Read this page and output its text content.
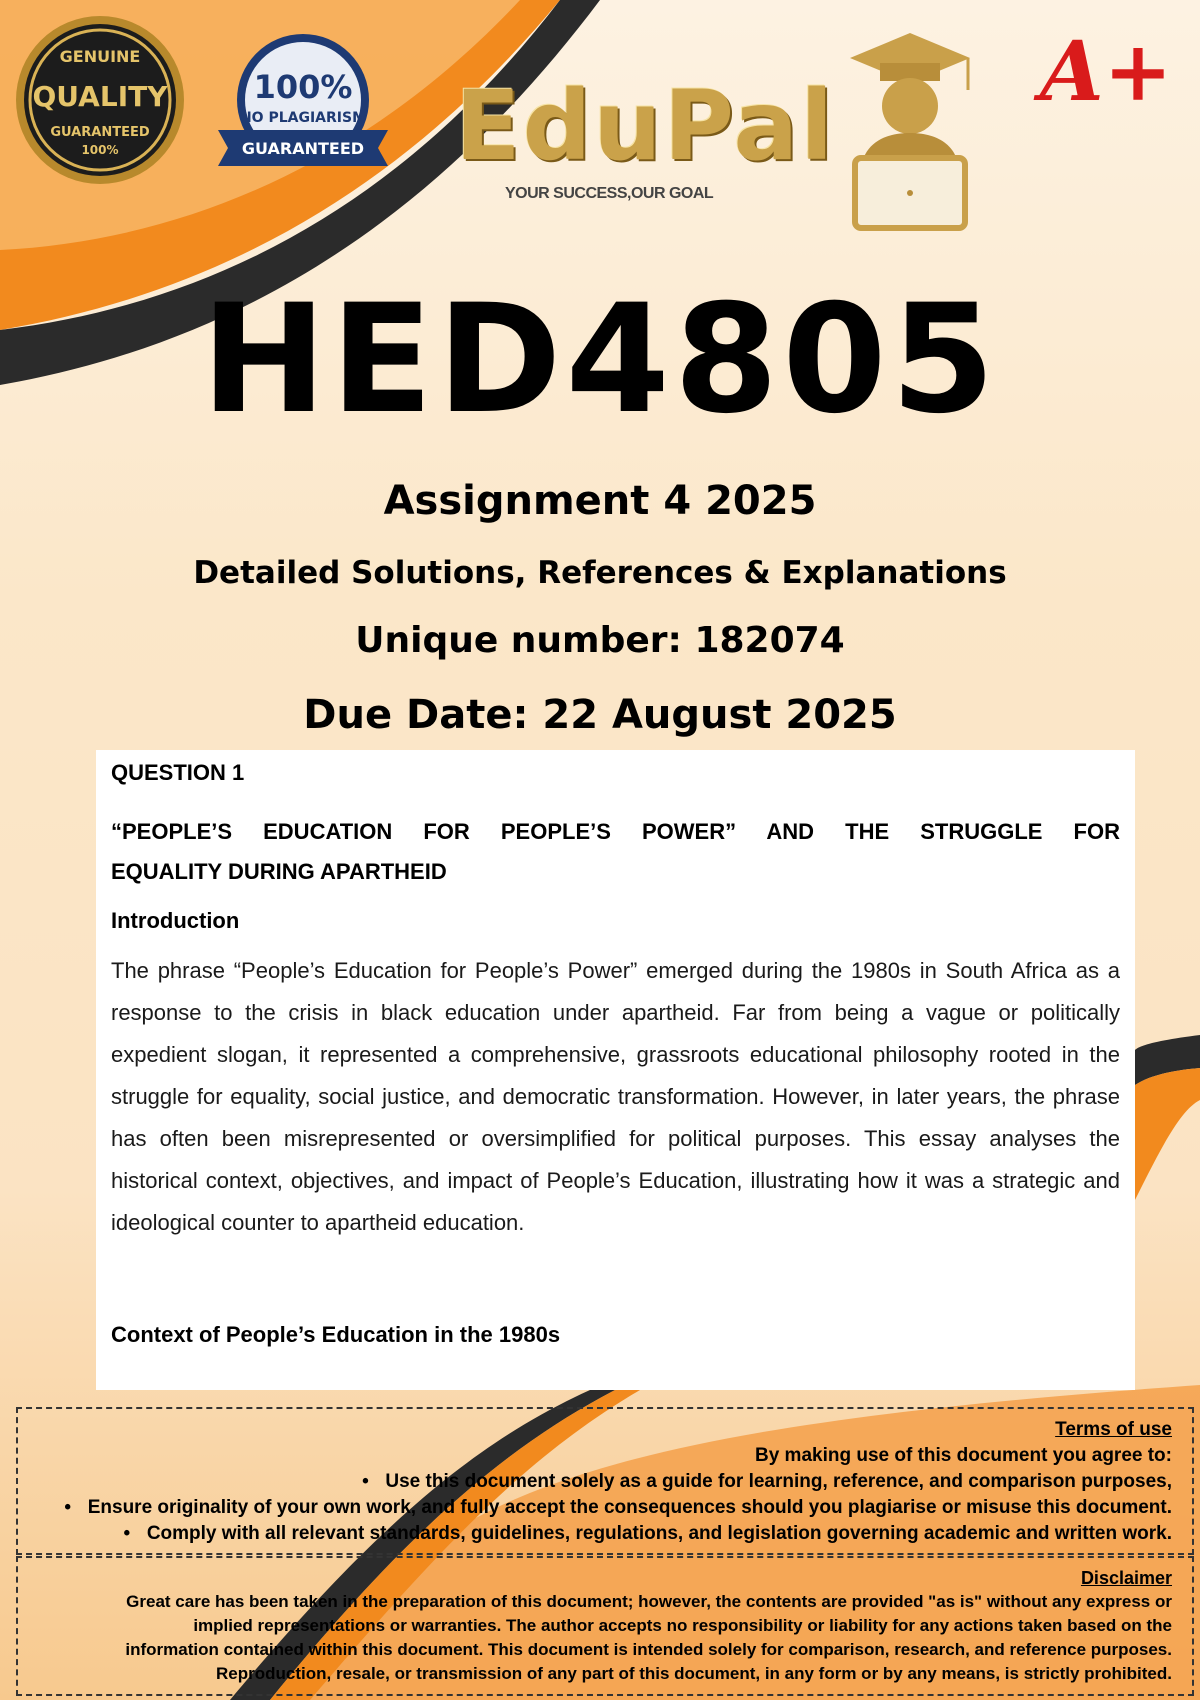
GENUINE
QUALITY
GUARANTEED
100%
100%
NO PLAGIARISM
GUARANTEED EduPal
YOUR SUCCESS,OUR GOAL
A+
HED4805
Assignment 4 2025
Detailed Solutions, References & Explanations
Unique number: 182074
Due Date: 22 August 2025
QUESTION 1
“PEOPLE’S EDUCATION FOR PEOPLE’S POWER” AND THE STRUGGLE FOR
EQUALITY DURING APARTHEID
Introduction
The phrase “People’s Education for People’s Power” emerged during the 1980s in South Africa as a response to the crisis in black education under apartheid. Far from being a vague or politically expedient slogan, it represented a comprehensive, grassroots educational philosophy rooted in the struggle for equality, social justice, and democratic transformation. However, in later years, the phrase has often been misrepresented or oversimplified for political purposes. This essay analyses the historical context, objectives, and impact of People’s Education, illustrating how it was a strategic and ideological counter to apartheid education.
Context of People’s Education in the 1980s
Terms of use
By making use of this document you agree to:
• Use this document solely as a guide for learning, reference, and comparison purposes,
• Ensure originality of your own work, and fully accept the consequences should you plagiarise or misuse this document.
• Comply with all relevant standards, guidelines, regulations, and legislation governing academic and written work.
Disclaimer
Great care has been taken in the preparation of this document; however, the contents are provided "as is" without any express or
implied representations or warranties. The author accepts no responsibility or liability for any actions taken based on the
information contained within this document. This document is intended solely for comparison, research, and reference purposes.
Reproduction, resale, or transmission of any part of this document, in any form or by any means, is strictly prohibited.
